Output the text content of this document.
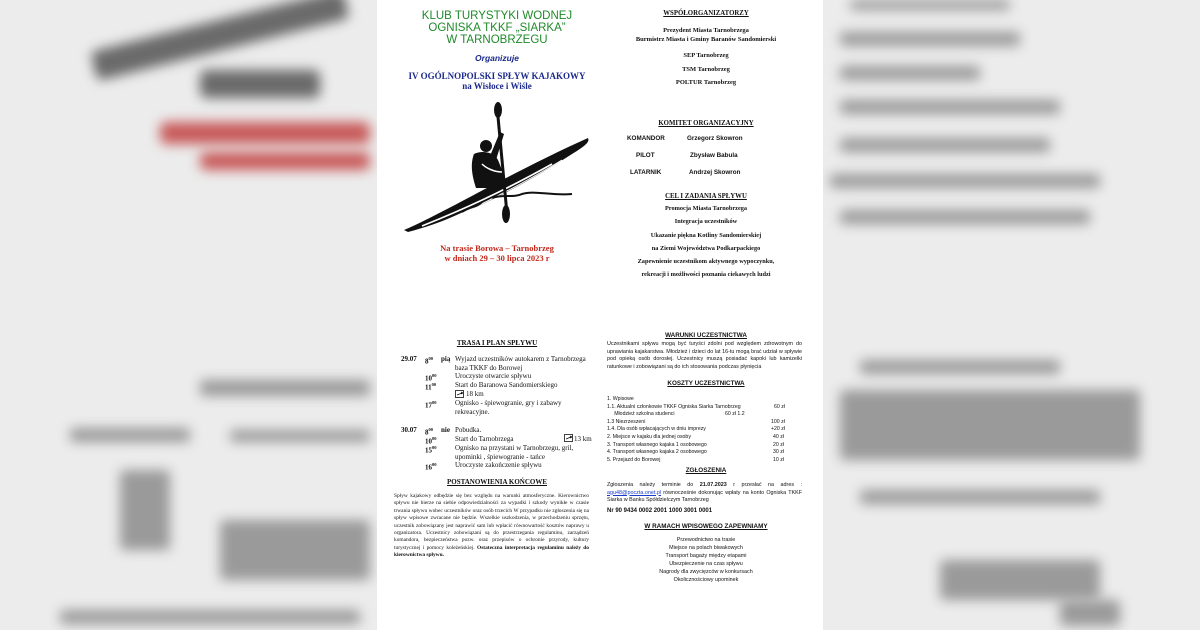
KLUB TURYSTYKI WODNEJ
OGNISKA TKKF „SIARKA”
W TARNOBRZEGU
Organizuje
IV OGÓLNOPOLSKI SPŁYW KAJAKOWY
na Wisłoce i Wiśle
Na trasie Borowa – Tarnobrzeg
w dniach 29 – 30 lipca 2023 r
WSPÓŁORGANIZATORZY
Prezydent Miasta Tarnobrzega
Burmistrz Miasta i Gminy Baranów Sandomierski
SEP Tarnobrzeg
TSM Tarnobrzeg
POLTUR Tarnobrzeg
KOMITET ORGANIZACYJNY
KOMANDOR	Grzegorz Skowron
PILOT	Zbysław Babula
LATARNIK	Andrzej Skowron
CEL I ZADANIA SPŁYWU
Promocja Miasta Tarnobrzega
Integracja uczestników
Ukazanie piękna Kotliny Sandomierskiej
na Ziemi Województwa Podkarpackiego
Zapewnienie uczestnikom aktywnego wypoczynku,
rekreacji i możliwości poznania ciekawych ludzi
TRASA I PLAN SPŁYWU
29.07	pią
$8^{00}$	Wyjazd uczestników autokarem z Tarnobrzega
baza TKKF do Borowej
$10^{00}$	Uroczyste otwarcie spływu
$11^{00}$	Start do Baranowa Sandomierskiego
18 km
$17^{00}$	Ognisko - śpiewogranie, gry i zabawy
rekreacyjne.
30.07	nie
$8^{00}$	Pobudka.
$10^{00}$	Start do Tarnobrzega	13 km
$15^{00}$	Ognisko na przystani w Tarnobrzegu, gril,
upominki , śpiewogranie - tańce
$16^{00}$	Uroczyste zakończenie spływu
POSTANOWIENIA KOŃCOWE
Spływ kajakowy odbędzie się bez względu na warunki atmosferyczne. Kierownictwo spływu nie bierze na siebie odpowiedzialności za wypadki i szkody wynikłe w czasie trwania spływu wobec uczestników oraz osób trzecich W przypadku nie zgłoszenia się na spływ wpisowe zwracane nie będzie. Wszelkie uszkodzenia, w przechodzeniu sprzętu, uczestnik zobowiązany jest naprawić sam lub wpłacić równowartość kosztów naprawy u organizatora. Uczestnicy zobowiązani są do przestrzegania regulaminu, zarządzeń komandora, bezpieczeństwa pozw. oraz przepisów o ochronie przyrody, kultury turystycznej i pomocy koleżeńskiej. Ostateczna interpretacja regulaminu należy do kierownictwa spływu.
WARUNKI UCZESTNICTWA
Uczestnikami spływu mogą być turyści zdolni pod względem zdrowotnym do uprawiania kajakarstwa. Młodzież i dzieci do lat 16-tu mogą brać udział w spływie pod opieką osób dorosłej. Uczestnicy muszą posiadać kapoki lub kamizelki ratunkowe i zobowiązani są do ich stosowania podczas płynięcia
KOSZTY UCZESTNICTWA
1. Wpisowe
1.1. Aktualni członkowie TKKF Ogniska Siarka Tarnobrzeg	60 zł
Młodzież szkolna studenci	60 zł 1.2
1.3 Niezrzeszeni	100 zł
1.4. Dla osób wpłacających w dniu imprezy	+20 zł
2. Miejsce w kajaku dla jednej osoby	40 zł
3. Transport własnego kajaka 1 osobowego	20 zł
4. Transport własnego kajaka 2 osobowego	30 zł
5. Przejazd do Borowej	10 zł
ZGŁOSZENIA
Zgłoszenia należy terminie do 21.07.2023 r przesłać na adres : agu48@poczta.onet.pl równocześnie dokonując wpłaty na konto Ogniska TKKF Siarka w Banku Spółdzielczym Tarnobrzeg
Nr 90 9434 0002 2001 1000 3001 0001
W RAMACH WPISOWEGO ZAPEWNIAMY
Przewodnictwo na trasie
Miejsce na polach biwakowych
Transport bagaży między etapami
Ubezpieczenie na czas spływu
Nagrody dla zwycięzców w konkursach
Okolicznościowy upominek
